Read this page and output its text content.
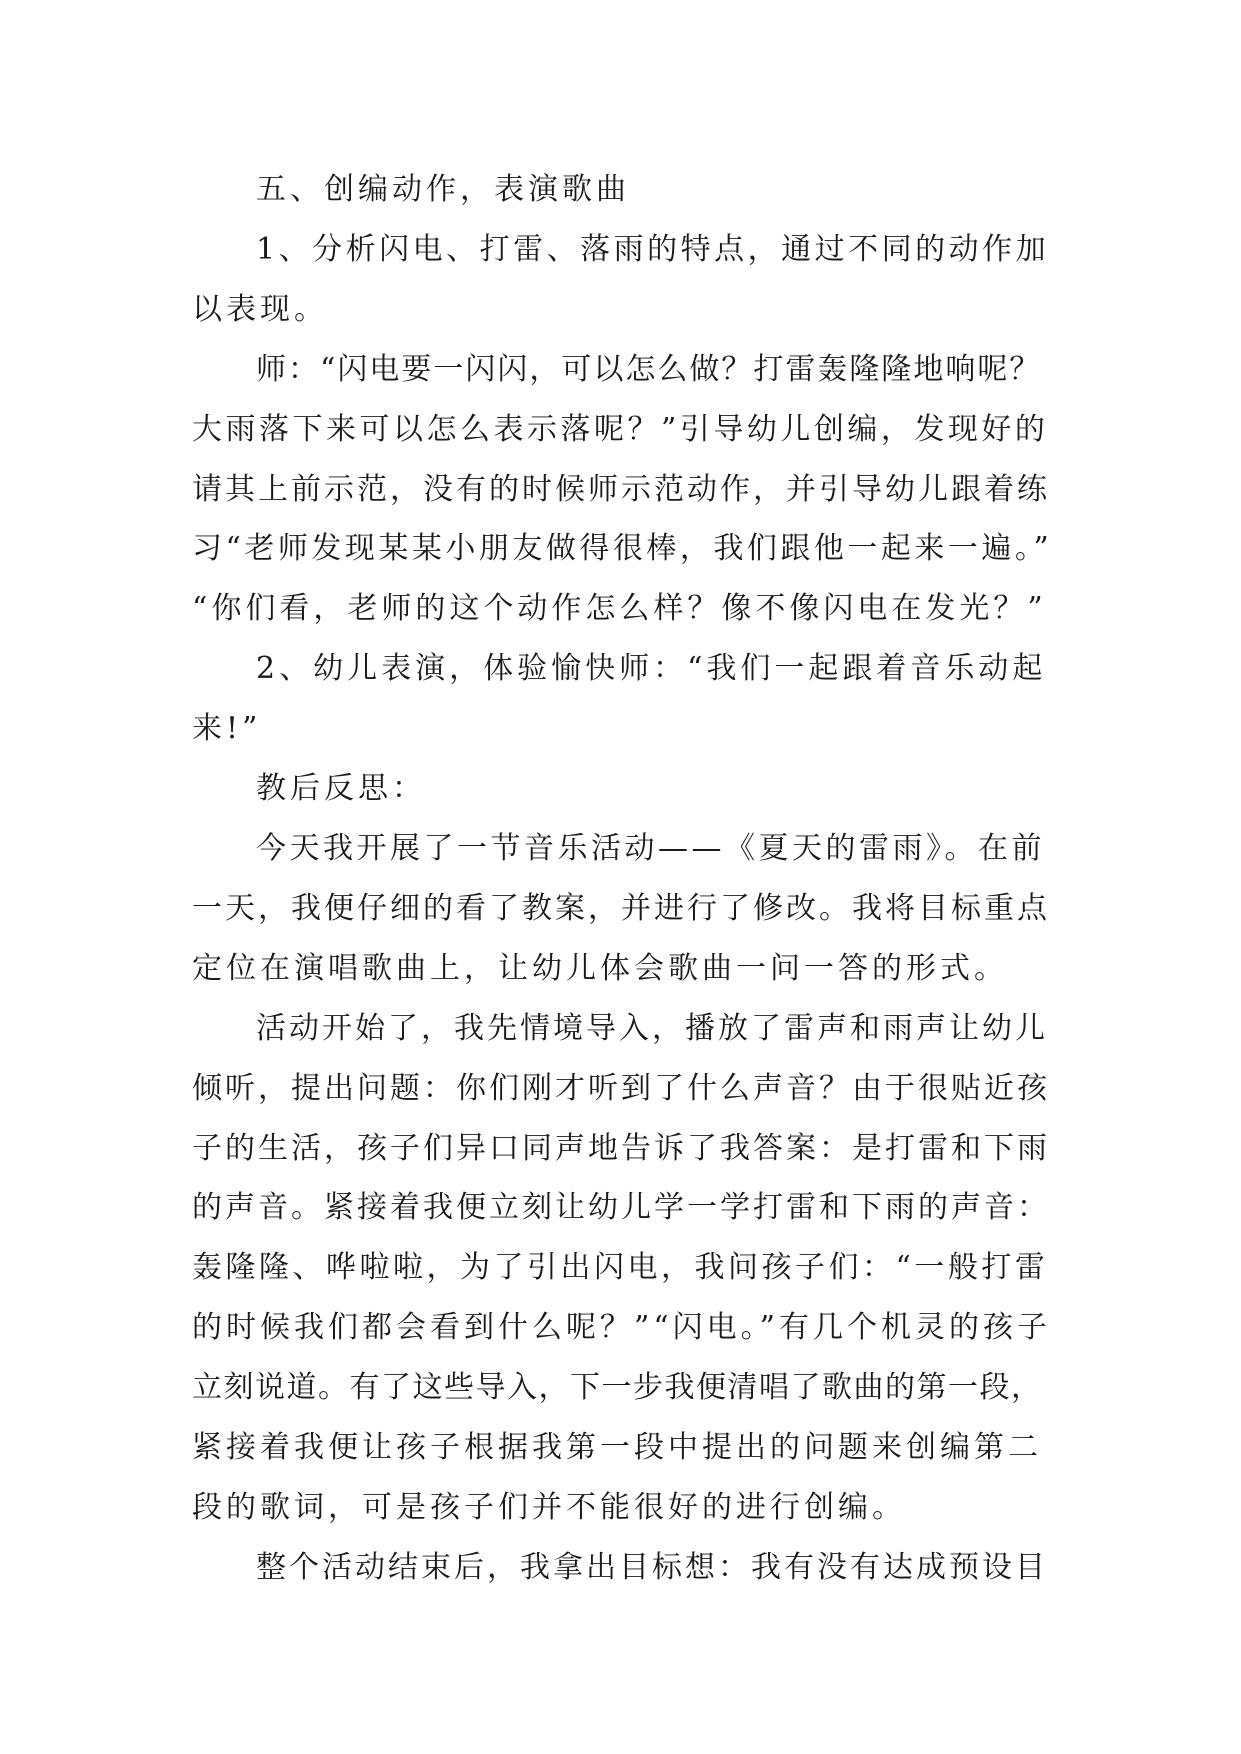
五、创编动作，表演歌曲

1、分析闪电、打雷、落雨的特点，通过不同的动作加

以表现。

师：“闪电要一闪闪，可以怎么做？打雷轰隆隆地响呢？

大雨落下来可以怎么表示落呢？”引导幼儿创编，发现好的

请其上前示范，没有的时候师示范动作，并引导幼儿跟着练

习“老师发现某某小朋友做得很棒，我们跟他一起来一遍。”

“你们看，老师的这个动作怎么样？像不像闪电在发光？”

2、幼儿表演，体验愉快师：“我们一起跟着音乐动起

来!”

教后反思：

今天我开展了一节音乐活动——《夏天的雷雨》。在前

一天，我便仔细的看了教案，并进行了修改。我将目标重点

定位在演唱歌曲上，让幼儿体会歌曲一问一答的形式。

活动开始了，我先情境导入，播放了雷声和雨声让幼儿

倾听，提出问题：你们刚才听到了什么声音？由于很贴近孩

子的生活，孩子们异口同声地告诉了我答案：是打雷和下雨

的声音。紧接着我便立刻让幼儿学一学打雷和下雨的声音：

轰隆隆、哗啦啦，为了引出闪电，我问孩子们：“一般打雷

的时候我们都会看到什么呢？”“闪电。”有几个机灵的孩子

立刻说道。有了这些导入，下一步我便清唱了歌曲的第一段，

紧接着我便让孩子根据我第一段中提出的问题来创编第二

段的歌词，可是孩子们并不能很好的进行创编。

整个活动结束后，我拿出目标想：我有没有达成预设目
